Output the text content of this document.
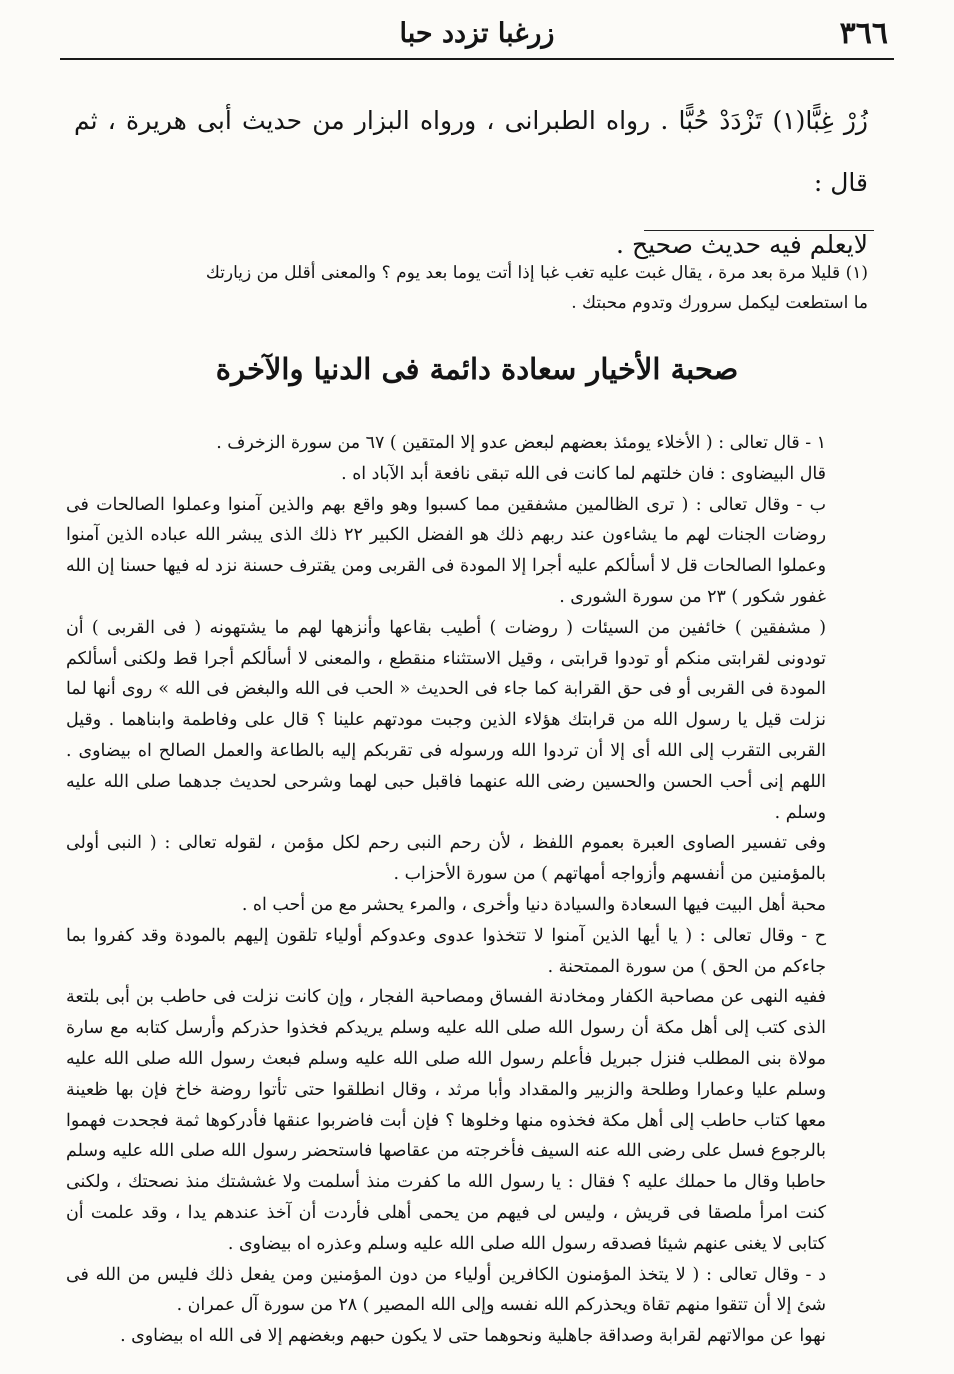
٣٦٦
زرغبا تزدد حبا

زُرْ غِبًّا(١) تَزْدَدْ حُبًّا . رواه الطبرانى ، ورواه البزار من حديث أبى هريرة ، ثم قال :

لايعلم فيه حديث صحيح .

(١) قليلا مرة بعد مرة ، يقال غبت عليه تغب غبا إذا أتت يوما بعد يوم ؟ والمعنى أقلل من زيارتك

ما استطعت ليكمل سرورك وتدوم محبتك .

صحبة الأخيار سعادة دائمة فى الدنيا والآخرة

١ - قال تعالى : ( الأخلاء يومئذ بعضهم لبعض عدو إلا المتقين ) ٦٧ من سورة الزخرف .

قال البيضاوى : فان خلتهم لما كانت فى الله تبقى نافعة أبد الآباد اه .

ب - وقال تعالى : ( ترى الظالمين مشفقين مما كسبوا وهو واقع بهم والذين آمنوا وعملوا الصالحات فى روضات الجنات لهم ما يشاءون عند ربهم ذلك هو الفضل الكبير ٢٢ ذلك الذى يبشر الله عباده الذين آمنوا وعملوا الصالحات قل لا أسألكم عليه أجرا إلا المودة فى القربى ومن يقترف حسنة نزد له فيها حسنا إن الله غفور شكور ) ٢٣ من سورة الشورى .

( مشفقين ) خائفين من السيئات ( روضات ) أطيب بقاعها وأنزهها لهم ما يشتهونه ( فى القربى ) أن تودونى لقرابتى منكم أو تودوا قرابتى ، وقيل الاستثناء منقطع ، والمعنى لا أسألكم أجرا قط ولكنى أسألكم المودة فى القربى أو فى حق القرابة كما جاء فى الحديث « الحب فى الله والبغض فى الله » روى أنها لما نزلت قيل يا رسول الله من قرابتك هؤلاء الذين وجبت مودتهم علينا ؟ قال على وفاطمة وابناهما . وقيل القربى التقرب إلى الله أى إلا أن تردوا الله ورسوله فى تقربكم إليه بالطاعة والعمل الصالح اه بيضاوى . اللهم إنى أحب الحسن والحسين رضى الله عنهما فاقبل حبى لهما وشرحى لحديث جدهما صلى الله عليه وسلم .

وفى تفسير الصاوى العبرة بعموم اللفظ ، لأن رحم النبى رحم لكل مؤمن ، لقوله تعالى : ( النبى أولى بالمؤمنين من أنفسهم وأزواجه أمهاتهم ) من سورة الأحزاب .

محبة أهل البيت فيها السعادة والسيادة دنيا وأخرى ، والمرء يحشر مع من أحب اه .

ح - وقال تعالى : ( يا أيها الذين آمنوا لا تتخذوا عدوى وعدوكم أولياء تلقون إليهم بالمودة وقد كفروا بما جاءكم من الحق ) من سورة الممتحنة .

ففيه النهى عن مصاحبة الكفار ومخادنة الفساق ومصاحبة الفجار ، وإن كانت نزلت فى حاطب بن أبى بلتعة الذى كتب إلى أهل مكة أن رسول الله صلى الله عليه وسلم يريدكم فخذوا حذركم وأرسل كتابه مع سارة مولاة بنى المطلب فنزل جبريل فأعلم رسول الله صلى الله عليه وسلم فبعث رسول الله صلى الله عليه وسلم عليا وعمارا وطلحة والزبير والمقداد وأبا مرثد ، وقال انطلقوا حتى تأتوا روضة خاخ فإن بها ظعينة معها كتاب حاطب إلى أهل مكة فخذوه منها وخلوها ؟ فإن أبت فاضربوا عنقها فأدركوها ثمة فجحدت فهموا بالرجوع فسل على رضى الله عنه السيف فأخرجته من عقاصها فاستحضر رسول الله صلى الله عليه وسلم حاطبا وقال ما حملك عليه ؟ فقال : يا رسول الله ما كفرت منذ أسلمت ولا غششتك منذ نصحتك ، ولكنى كنت امرأ ملصقا فى قريش ، وليس لى فيهم من يحمى أهلى فأردت أن آخذ عندهم يدا ، وقد علمت أن كتابى لا يغنى عنهم شيئا فصدقه رسول الله صلى الله عليه وسلم وعذره اه بيضاوى .

د - وقال تعالى : ( لا يتخذ المؤمنون الكافرين أولياء من دون المؤمنين ومن يفعل ذلك فليس من الله فى شئ إلا أن تتقوا منهم تقاة ويحذركم الله نفسه وإلى الله المصير ) ٢٨ من سورة آل عمران .

نهوا عن موالاتهم لقرابة وصداقة جاهلية ونحوهما حتى لا يكون حبهم وبغضهم إلا فى الله اه بيضاوى .
